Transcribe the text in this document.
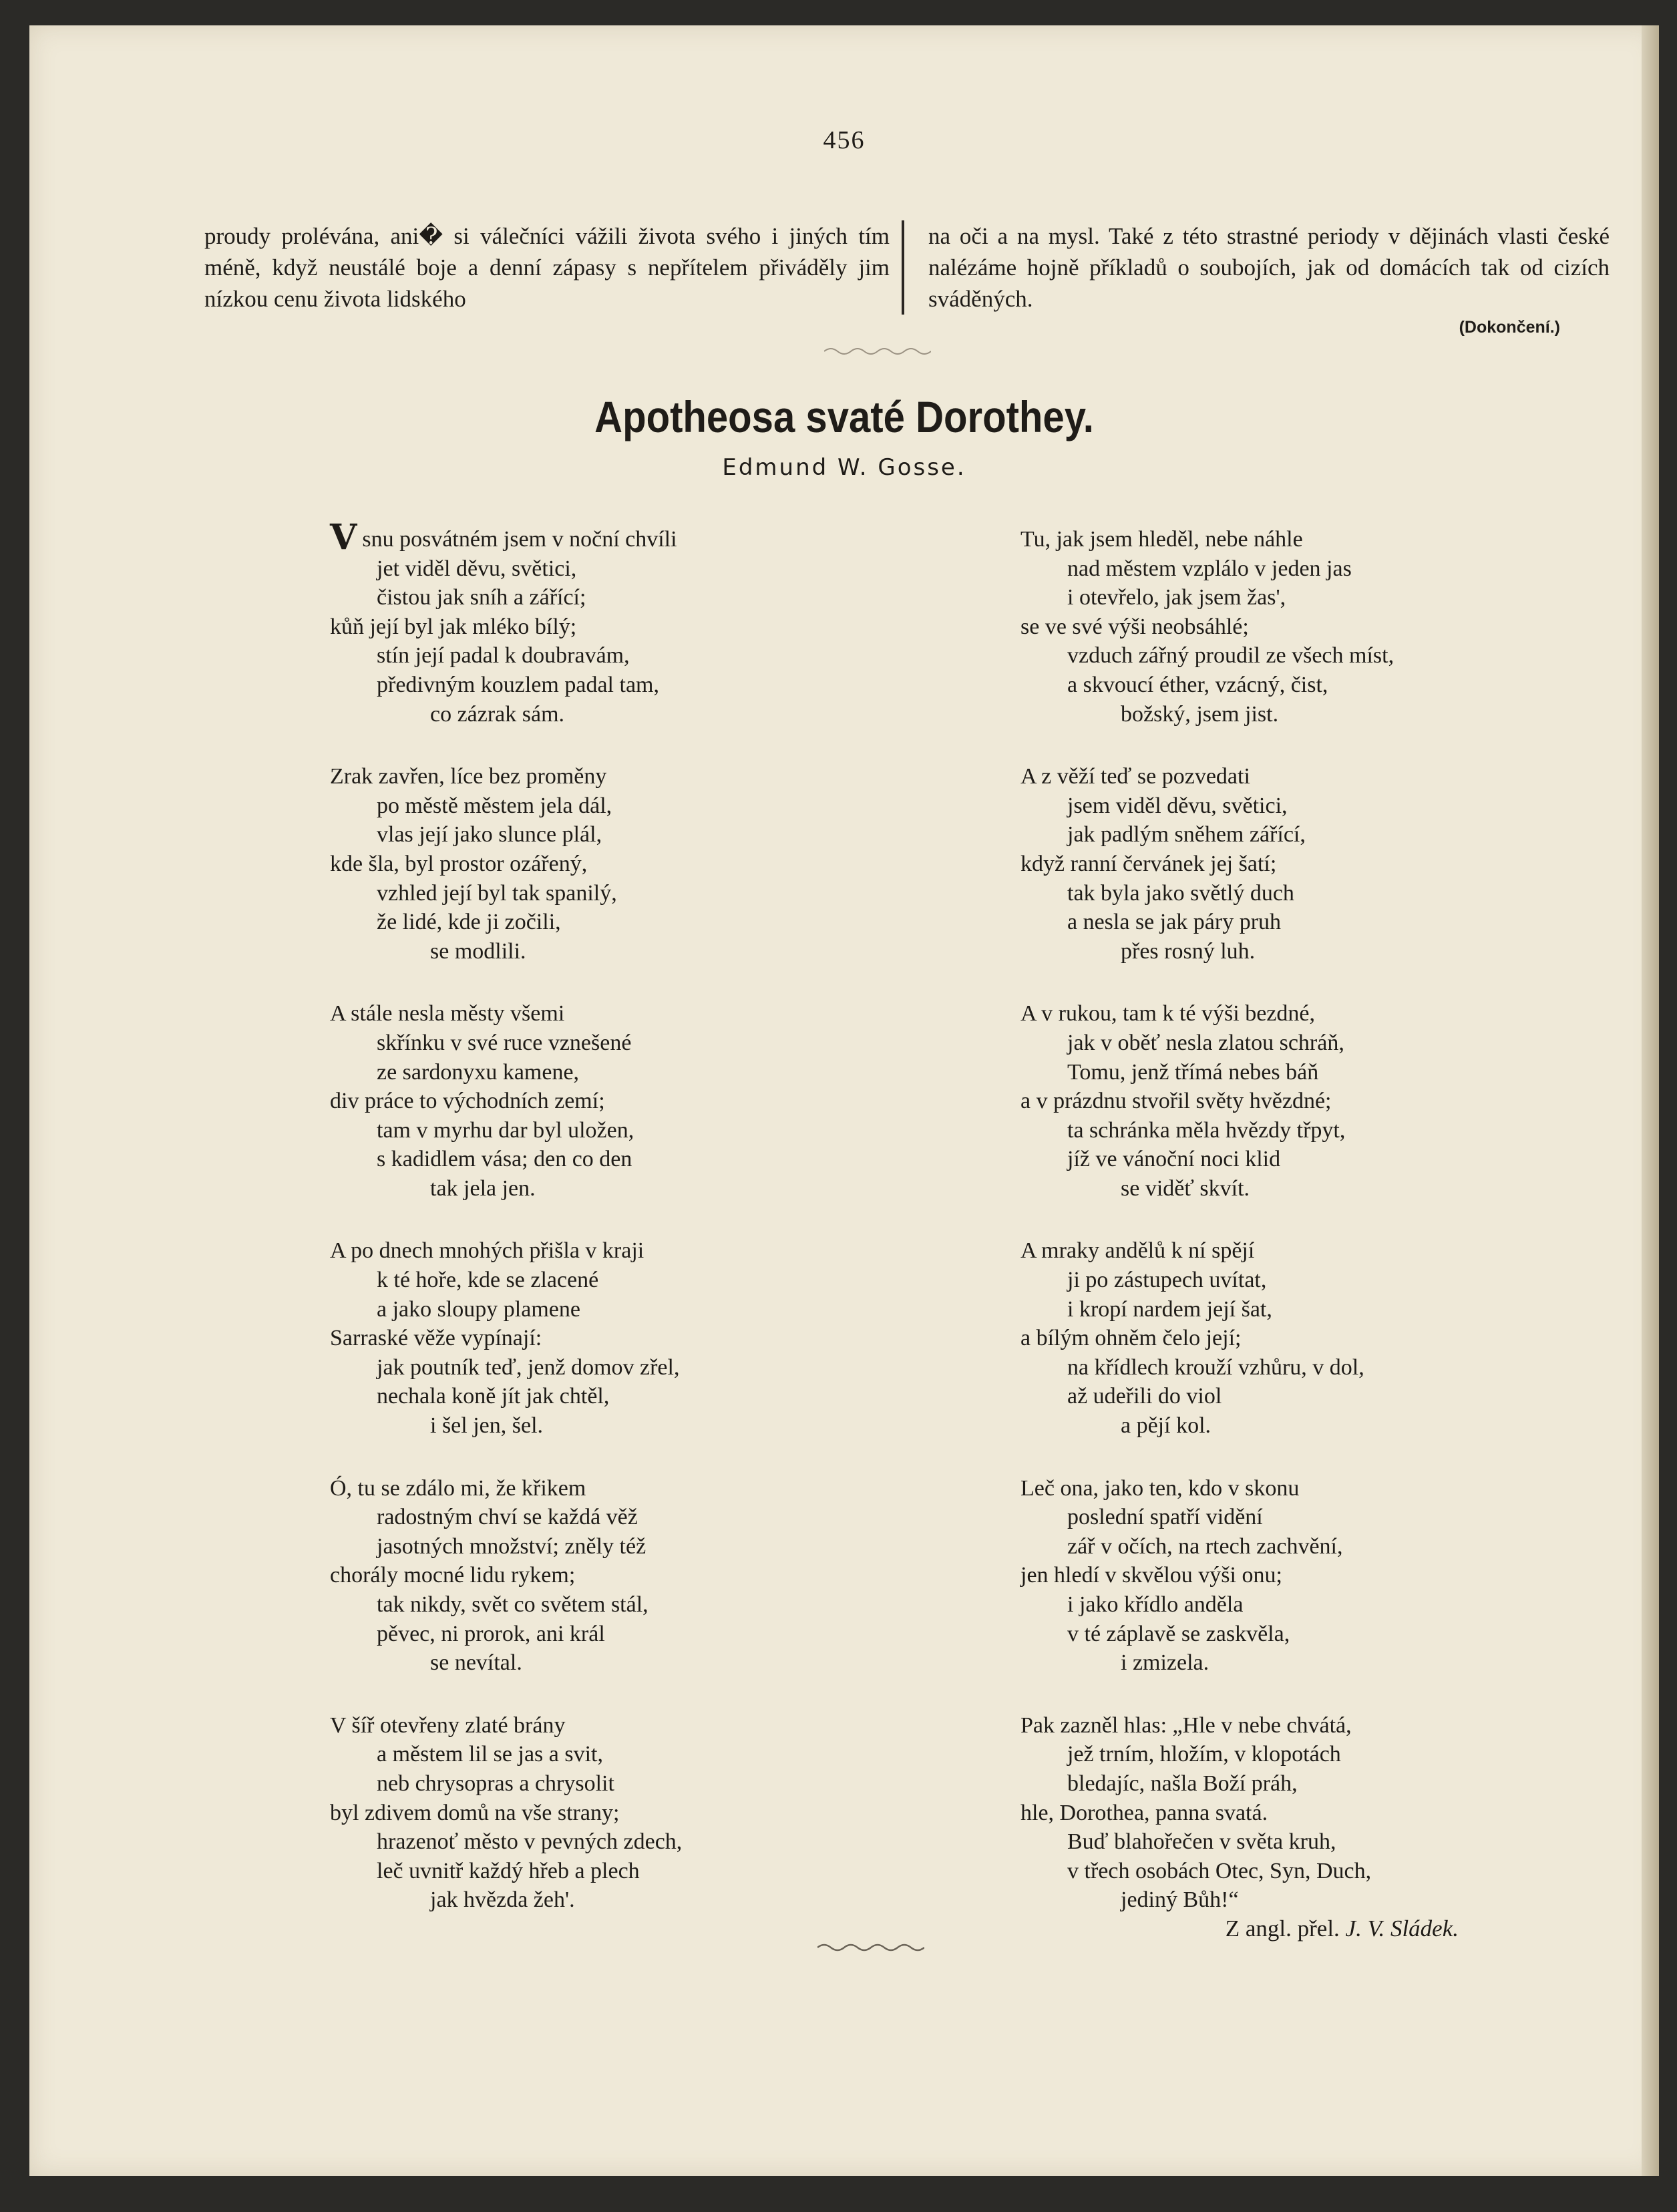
456

proudy prolévána, ani� si válečníci vážili života svého i jiných tím méně, když neustálé boje a denní zápasy s nepřítelem přiváděly jim nízkou cenu života lidského

na oči a na mysl. Také z této strastné periody v dějinách vlasti české nalézáme hojně příkladů o soubojích, jak od domácích tak od cizích sváděných.

(Dokončení.)
Apotheosa svaté Dorothey.
Edmund W. Gosse.
Vsnu posvátném jsem v noční chvíli
jet viděl děvu, světici,
čistou jak sníh a zářící;
kůň její byl jak mléko bílý;
stín její padal k doubravám,
předivným kouzlem padal tam,
co zázrak sám.
Zrak zavřen, líce bez proměny
po městě městem jela dál,
vlas její jako slunce plál,
kde šla, byl prostor ozářený,
vzhled její byl tak spanilý,
že lidé, kde ji zočili,
se modlili.
A stále nesla městy všemi
skřínku v své ruce vznešené
ze sardonyxu kamene,
div práce to východních zemí;
tam v myrhu dar byl uložen,
s kadidlem vása; den co den
tak jela jen.
A po dnech mnohých přišla v kraji
k té hoře, kde se zlacené
a jako sloupy plamene
Sarraské věže vypínají:
jak poutník teď, jenž domov zřel,
nechala koně jít jak chtěl,
i šel jen, šel.
Ó, tu se zdálo mi, že křikem
radostným chví se každá věž
jasotných množství; zněly též
chorály mocné lidu rykem;
tak nikdy, svět co světem stál,
pěvec, ni prorok, ani král
se nevítal.
V šíř otevřeny zlaté brány
a městem lil se jas a svit,
neb chrysopras a chrysolit
byl zdivem domů na vše strany;
hrazenoť město v pevných zdech,
leč uvnitř každý hřeb a plech
jak hvězda žeh'.
Tu, jak jsem hleděl, nebe náhle
nad městem vzplálo v jeden jas
i otevřelo, jak jsem žas',
se ve své výši neobsáhlé;
vzduch zářný proudil ze všech míst,
a skvoucí éther, vzácný, čist,
božský, jsem jist.
A z věží teď se pozvedati
jsem viděl děvu, světici,
jak padlým sněhem zářící,
když ranní červánek jej šatí;
tak byla jako světlý duch
a nesla se jak páry pruh
přes rosný luh.
A v rukou, tam k té výši bezdné,
jak v oběť nesla zlatou schráň,
Tomu, jenž třímá nebes báň
a v prázdnu stvořil světy hvězdné;
ta schránka měla hvězdy třpyt,
jíž ve vánoční noci klid
se viděť skvít.
A mraky andělů k ní spějí
ji po zástupech uvítat,
i kropí nardem její šat,
a bílým ohněm čelo její;
na křídlech krouží vzhůru, v dol,
až udeřili do viol
a pějí kol.
Leč ona, jako ten, kdo v skonu
poslední spatří vidění
zář v očích, na rtech zachvění,
jen hledí v skvělou výši onu;
i jako křídlo anděla
v té záplavě se zaskvěla,
i zmizela.
Pak zazněl hlas: „Hle v nebe chvátá,
jež trním, hložím, v klopotách
bledajíc, našla Boží práh,
hle, Dorothea, panna svatá.
Buď blahořečen v světa kruh,
v třech osobách Otec, Syn, Duch,
jediný Bůh!“
Z angl. přel. J. V. Sládek.
